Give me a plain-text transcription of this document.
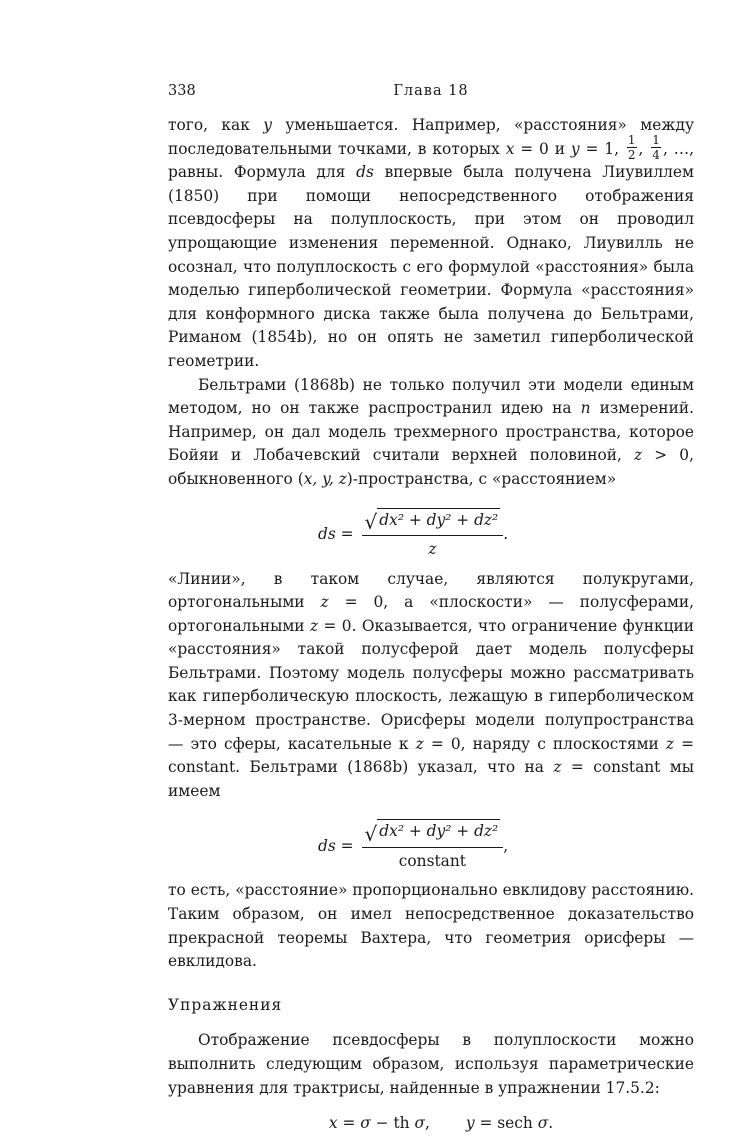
338	Глава 18

того, как y уменьшается. Например, «расстояния» между последовательными точками, в которых x = 0 и y = 1, $\frac{1}{2}$ , $\frac{1}{4}$ , …, равны. Формула для ds впервые была получена Лиувиллем (1850) при помощи непосредственного отображения псевдосферы на полуплоскость, при этом он проводил упрощающие изменения переменной. Однако, Лиувилль не осознал, что полуплоскость с его формулой «расстояния» была моделью гиперболической геометрии. Формула «расстояния» для конформного диска также была получена до Бельтрами, Риманом (1854b), но он опять не заметил гиперболической геометрии.

Бельтрами (1868b) не только получил эти модели единым методом, но он также распространил идею на n измерений. Например, он дал модель трехмерного пространства, которое Бойяи и Лобачевский считали верхней половиной, z > 0, обыкновенного (x, y, z)-пространства, с «расстоянием»

ds = $\frac{\text{√ dx² + dy² + dz²}}{z}$ .

«Линии», в таком случае, являются полукругами, ортогональными z = 0, а «плоскости» — полусферами, ортогональными z = 0. Оказывается, что ограничение функции «расстояния» такой полусферой дает модель полусферы Бельтрами. Поэтому модель полусферы можно рассматривать как гиперболическую плоскость, лежащую в гиперболическом 3-мерном пространстве. Орисферы модели полупространства — это сферы, касательные к z = 0, наряду с плоскостями z = constant. Бельтрами (1868b) указал, что на z = constant мы имеем

ds = √ dx² + dy² + dz²
constant
,

то есть, «расстояние» пропорционально евклидову расстоянию. Таким образом, он имел непосредственное доказательство прекрасной теоремы Вахтера, что геометрия орисферы — евклидова.

Упражнения

Отображение псевдосферы в полуплоскости можно выполнить следующим образом, используя параметрические уравнения для трактрисы, найденные в упражнении 17.5.2:

x = σ − th σ, y = sech σ.
